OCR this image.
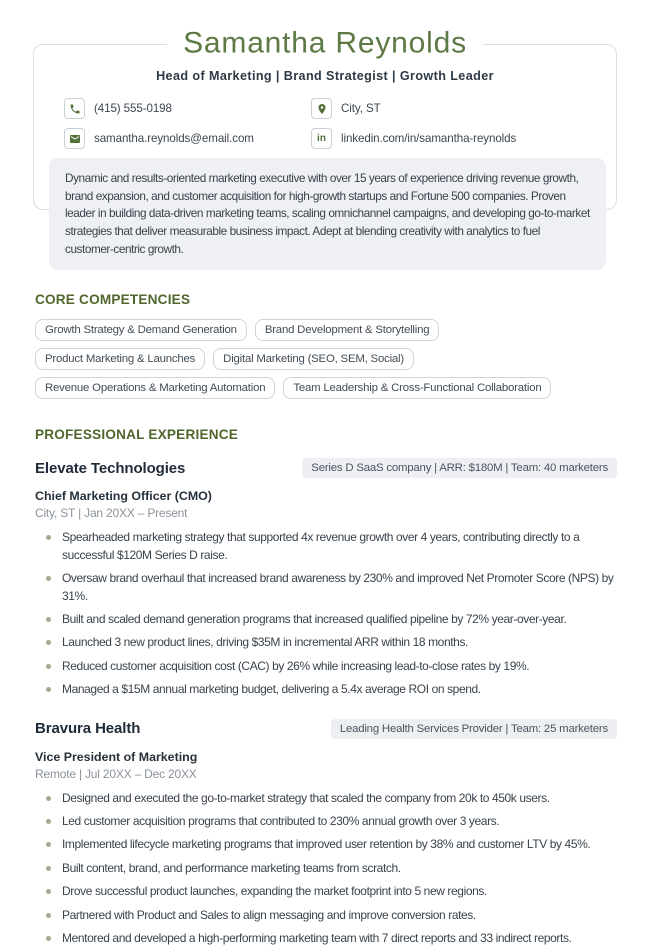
Samantha Reynolds
Head of Marketing | Brand Strategist | Growth Leader
(415) 555-0198	City, ST
samantha.reynolds@email.com	in linkedin.com/in/samantha-reynolds
Dynamic and results-oriented marketing executive with over 15 years of experience driving revenue growth, brand expansion, and customer acquisition for high-growth startups and Fortune 500 companies. Proven leader in building data-driven marketing teams, scaling omnichannel campaigns, and developing go-to-market strategies that deliver measurable business impact. Adept at blending creativity with analytics to fuel customer-centric growth.
CORE COMPETENCIES
Growth Strategy & Demand Generation	Brand Development & Storytelling
Product Marketing & Launches	Digital Marketing (SEO, SEM, Social)
Revenue Operations & Marketing Automation	Team Leadership & Cross-Functional Collaboration
PROFESSIONAL EXPERIENCE
Elevate Technologies	Series D SaaS company | ARR: $180M | Team: 40 marketers
Chief Marketing Officer (CMO)
City, ST | Jan 20XX – Present
Spearheaded marketing strategy that supported 4x revenue growth over 4 years, contributing directly to a successful $120M Series D raise.
Oversaw brand overhaul that increased brand awareness by 230% and improved Net Promoter Score (NPS) by 31%.
Built and scaled demand generation programs that increased qualified pipeline by 72% year-over-year.
Launched 3 new product lines, driving $35M in incremental ARR within 18 months.
Reduced customer acquisition cost (CAC) by 26% while increasing lead-to-close rates by 19%.
Managed a $15M annual marketing budget, delivering a 5.4x average ROI on spend.
Bravura Health	Leading Health Services Provider | Team: 25 marketers
Vice President of Marketing
Remote | Jul 20XX – Dec 20XX
Designed and executed the go-to-market strategy that scaled the company from 20k to 450k users.
Led customer acquisition programs that contributed to 230% annual growth over 3 years.
Implemented lifecycle marketing programs that improved user retention by 38% and customer LTV by 45%.
Built content, brand, and performance marketing teams from scratch.
Drove successful product launches, expanding the market footprint into 5 new regions.
Partnered with Product and Sales to align messaging and improve conversion rates.
Mentored and developed a high-performing marketing team with 7 direct reports and 33 indirect reports.
